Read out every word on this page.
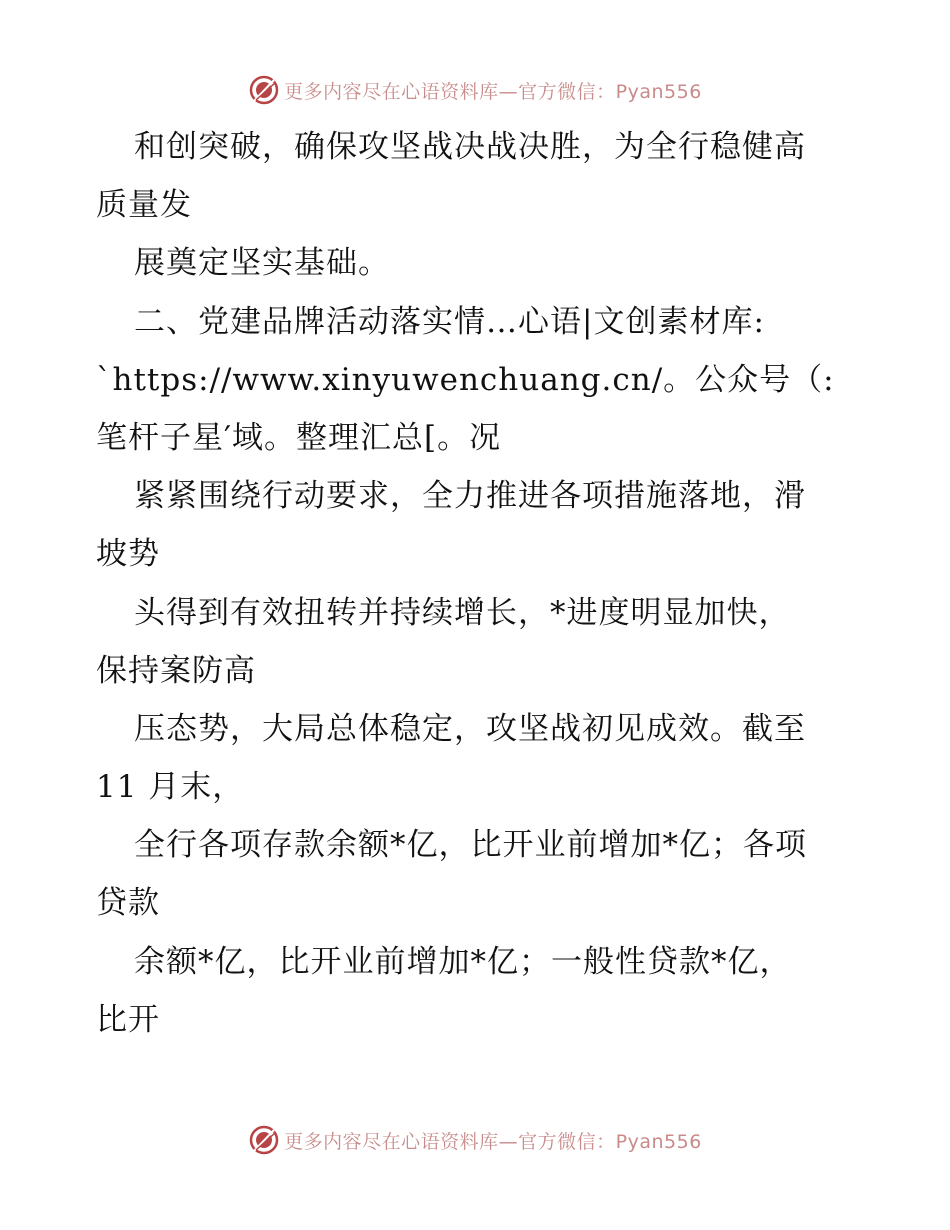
更多内容尽在心语资料库—官方微信：Pyan556
和创突破，确保攻坚战决战决胜，为全行稳健高
质量发
展奠定坚实基础。
二、党建品牌活动落实情…心语|文创素材库:
`https://www.xinyuwenchuang.cn/。公众号（:
笔杆子星′域。整理汇总[。况
紧紧围绕行动要求，全力推进各项措施落地，滑
坡势
头得到有效扭转并持续增长，*进度明显加快，
保持案防高
压态势，大局总体稳定，攻坚战初见成效。截至
11 月末，
全行各项存款余额*亿，比开业前增加*亿；各项
贷款
余额*亿，比开业前增加*亿；一般性贷款*亿，
比开
更多内容尽在心语资料库—官方微信：Pyan556
